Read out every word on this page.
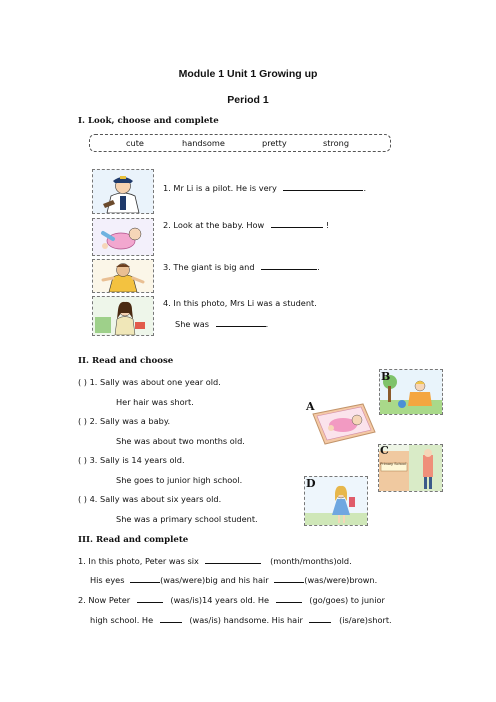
Module 1 Unit 1 Growing up
Period 1
I. Look, choose and complete
cute	handsome	pretty	strong
1. Mr Li is a pilot. He is very	.
2. Look at the baby. How	!
3. The giant is big and	.
4. In this photo, Mrs Li was a student.
She was	.
II. Read and choose
( ) 1. Sally was about one year old.
Her hair was short.
( ) 2. Sally was a baby.
She was about two months old.
( ) 3. Sally is 14 years old.
She goes to junior high school.
( ) 4. Sally was about six years old.
She was a primary school student.
A
B
Primary School
C
D
III. Read and complete
1. In this photo, Peter was six	(month/months)old.
His eyes	(was/were)big and his hair	(was/were)brown.
2. Now Peter	(was/is)14 years old. He	(go/goes) to junior
high school. He	(was/is) handsome. His hair	(is/are)short.
